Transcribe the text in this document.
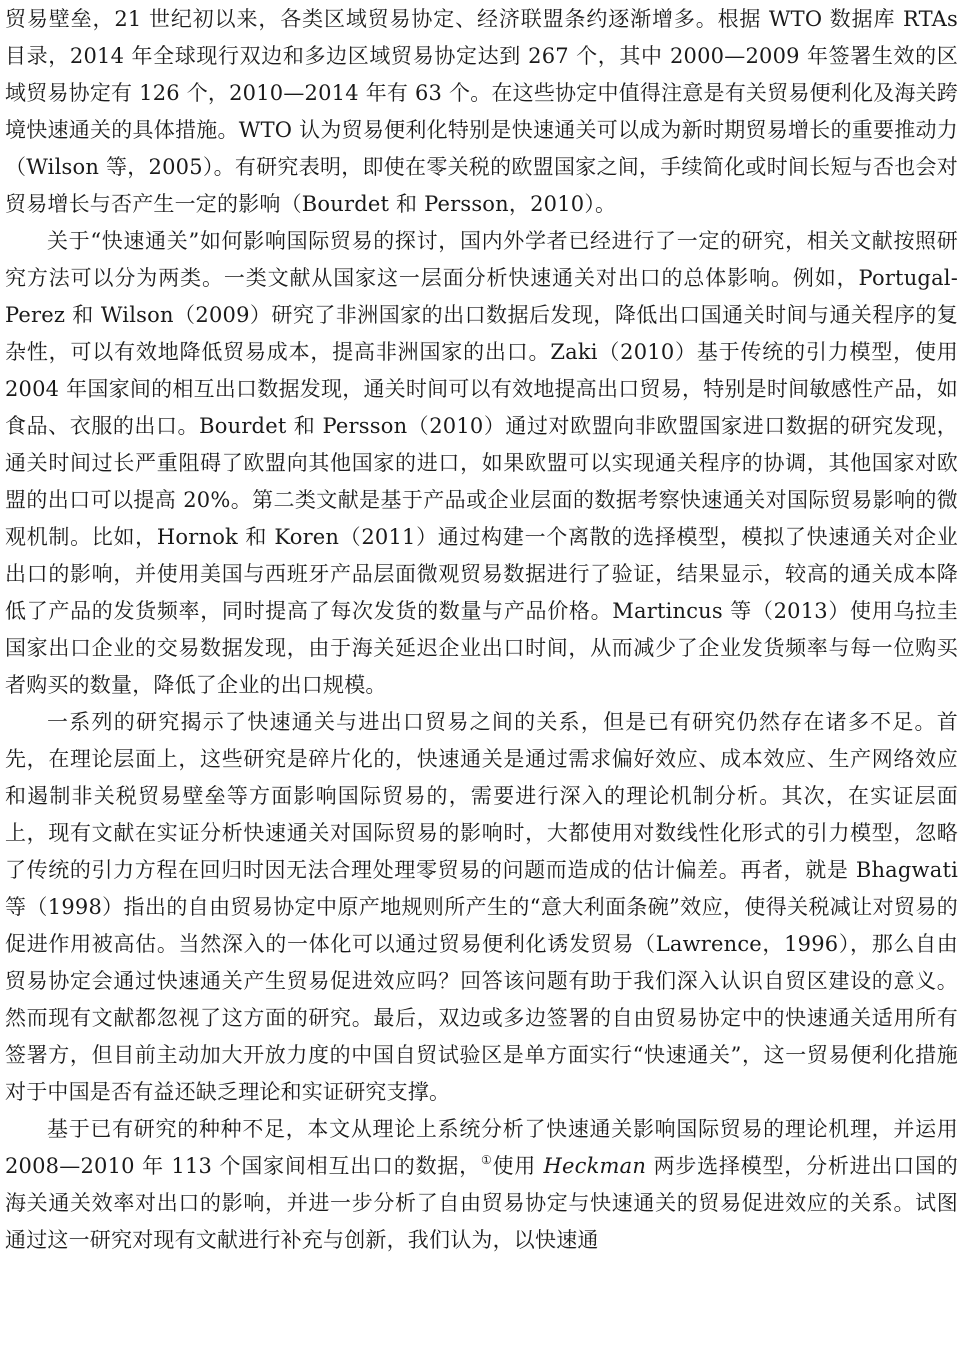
贸易壁垒，21 世纪初以来，各类区域贸易协定、经济联盟条约逐渐增多。根据 WTO 数据库 RTAs 目录，2014 年全球现行双边和多边区域贸易协定达到 267 个，其中 2000—2009 年签署生效的区域贸易协定有 126 个，2010—2014 年有 63 个。在这些协定中值得注意是有关贸易便利化及海关跨境快速通关的具体措施。WTO 认为贸易便利化特别是快速通关可以成为新时期贸易增长的重要推动力（Wilson 等，2005）。有研究表明，即使在零关税的欧盟国家之间，手续简化或时间长短与否也会对贸易增长与否产生一定的影响（Bourdet 和 Persson，2010）。

关于“快速通关”如何影响国际贸易的探讨，国内外学者已经进行了一定的研究，相关文献按照研究方法可以分为两类。一类文献从国家这一层面分析快速通关对出口的总体影响。例如，Portugal-Perez 和 Wilson（2009）研究了非洲国家的出口数据后发现，降低出口国通关时间与通关程序的复杂性，可以有效地降低贸易成本，提高非洲国家的出口。Zaki（2010）基于传统的引力模型，使用 2004 年国家间的相互出口数据发现，通关时间可以有效地提高出口贸易，特别是时间敏感性产品，如食品、衣服的出口。Bourdet 和 Persson（2010）通过对欧盟向非欧盟国家进口数据的研究发现，通关时间过长严重阻碍了欧盟向其他国家的进口，如果欧盟可以实现通关程序的协调，其他国家对欧盟的出口可以提高 20%。第二类文献是基于产品或企业层面的数据考察快速通关对国际贸易影响的微观机制。比如，Hornok 和 Koren（2011）通过构建一个离散的选择模型，模拟了快速通关对企业出口的影响，并使用美国与西班牙产品层面微观贸易数据进行了验证，结果显示，较高的通关成本降低了产品的发货频率，同时提高了每次发货的数量与产品价格。Martincus 等（2013）使用乌拉圭国家出口企业的交易数据发现，由于海关延迟企业出口时间，从而减少了企业发货频率与每一位购买者购买的数量，降低了企业的出口规模。

一系列的研究揭示了快速通关与进出口贸易之间的关系，但是已有研究仍然存在诸多不足。首先，在理论层面上，这些研究是碎片化的，快速通关是通过需求偏好效应、成本效应、生产网络效应和遏制非关税贸易壁垒等方面影响国际贸易的，需要进行深入的理论机制分析。其次，在实证层面上，现有文献在实证分析快速通关对国际贸易的影响时，大都使用对数线性化形式的引力模型，忽略了传统的引力方程在回归时因无法合理处理零贸易的问题而造成的估计偏差。再者，就是 Bhagwati 等（1998）指出的自由贸易协定中原产地规则所产生的“意大利面条碗”效应，使得关税减让对贸易的促进作用被高估。当然深入的一体化可以通过贸易便利化诱发贸易（Lawrence，1996），那么自由贸易协定会通过快速通关产生贸易促进效应吗？回答该问题有助于我们深入认识自贸区建设的意义。然而现有文献都忽视了这方面的研究。最后，双边或多边签署的自由贸易协定中的快速通关适用所有签署方，但目前主动加大开放力度的中国自贸试验区是单方面实行“快速通关”，这一贸易便利化措施对于中国是否有益还缺乏理论和实证研究支撑。

基于已有研究的种种不足，本文从理论上系统分析了快速通关影响国际贸易的理论机理，并运用 2008—2010 年 113 个国家间相互出口的数据，①使用 Heckman 两步选择模型，分析进出口国的海关通关效率对出口的影响，并进一步分析了自由贸易协定与快速通关的贸易促进效应的关系。试图通过这一研究对现有文献进行补充与创新，我们认为，以快速通
